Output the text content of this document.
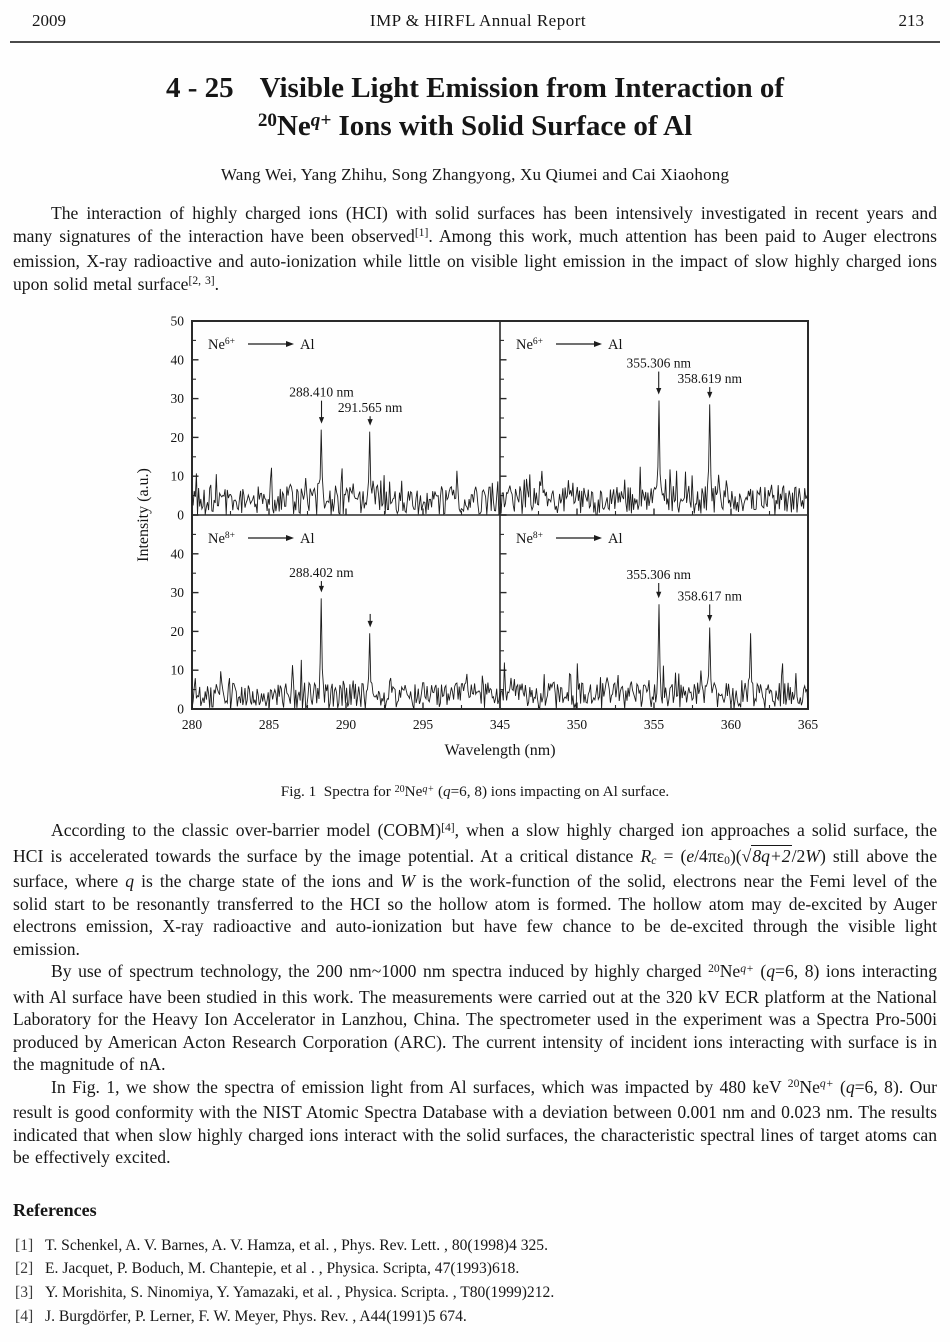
2009	IMP & HIRFL Annual Report	213
4 - 25 Visible Light Emission from Interaction of
$^{20}Ne^{q+}$ Ions with Solid Surface of Al
Wang Wei, Yang Zhihu, Song Zhangyong, Xu Qiumei and Cai Xiaohong

The interaction of highly charged ions (HCI) with solid surfaces has been intensively investigated in recent years and many signatures of the interaction have been observed[1]. Among this work, much attention has been paid to Auger electrons emission, X-ray radioactive and auto-ionization while little on visible light emission in the impact of slow highly charged ions upon solid metal surface[2, 3].

0
10
20
30
40
50
288.410 nm
291.565 nm
$Ne^{6+}$	Al
355.306 nm
358.619 nm
$Ne^{6+}$	Al
0
10
20
30
40
280	285	290	295
288.402 nm
$Ne^{8+}$	Al
345	350	355	360	365
355.306 nm
358.617 nm
$Ne^{8+}$	Al
Wavelength (nm)
Intensity (a.u.)
Fig. 1  Spectra for $^{20}Ne^{q+}$ (q=6, 8) ions impacting on Al surface.

According to the classic over-barrier model (COBM)[4], when a slow highly charged ion approaches a solid surface, the HCI is accelerated towards the surface by the image potential. At a critical distance Rc = (e/4πε0)(√8q+2/2W) still above the surface, where q is the charge state of the ions and W is the work-function of the solid, electrons near the Femi level of the solid start to be resonantly transferred to the HCI so the hollow atom is formed. The hollow atom may de-excited by Auger electrons emission, X-ray radioactive and auto-ionization but have few chance to be de-excited through the visible light emission.

By use of spectrum technology, the 200 nm~1000 nm spectra induced by highly charged $^{20}Ne^{q+}$ (q=6, 8) ions interacting with Al surface have been studied in this work. The measurements were carried out at the 320 kV ECR platform at the National Laboratory for the Heavy Ion Accelerator in Lanzhou, China. The spectrometer used in the experiment was a Spectra Pro-500i produced by American Acton Research Corporation (ARC). The current intensity of incident ions interacting with surface is in the magnitude of nA.

In Fig. 1, we show the spectra of emission light from Al surfaces, which was impacted by 480 keV $^{20}Ne^{q+}$ (q=6, 8). Our result is good conformity with the NIST Atomic Spectra Database with a deviation between 0.001 nm and 0.023 nm. The results indicated that when slow highly charged ions interact with the solid surfaces, the characteristic spectral lines of target atoms can be effectively excited.

References
[1] T. Schenkel, A. V. Barnes, A. V. Hamza, et al. , Phys. Rev. Lett. , 80(1998)4 325.
[2] E. Jacquet, P. Boduch, M. Chantepie, et al . , Physica. Scripta, 47(1993)618.
[3] Y. Morishita, S. Ninomiya, Y. Yamazaki, et al. , Physica. Scripta. , T80(1999)212.
[4] J. Burgdörfer, P. Lerner, F. W. Meyer, Phys. Rev. , A44(1991)5 674.
